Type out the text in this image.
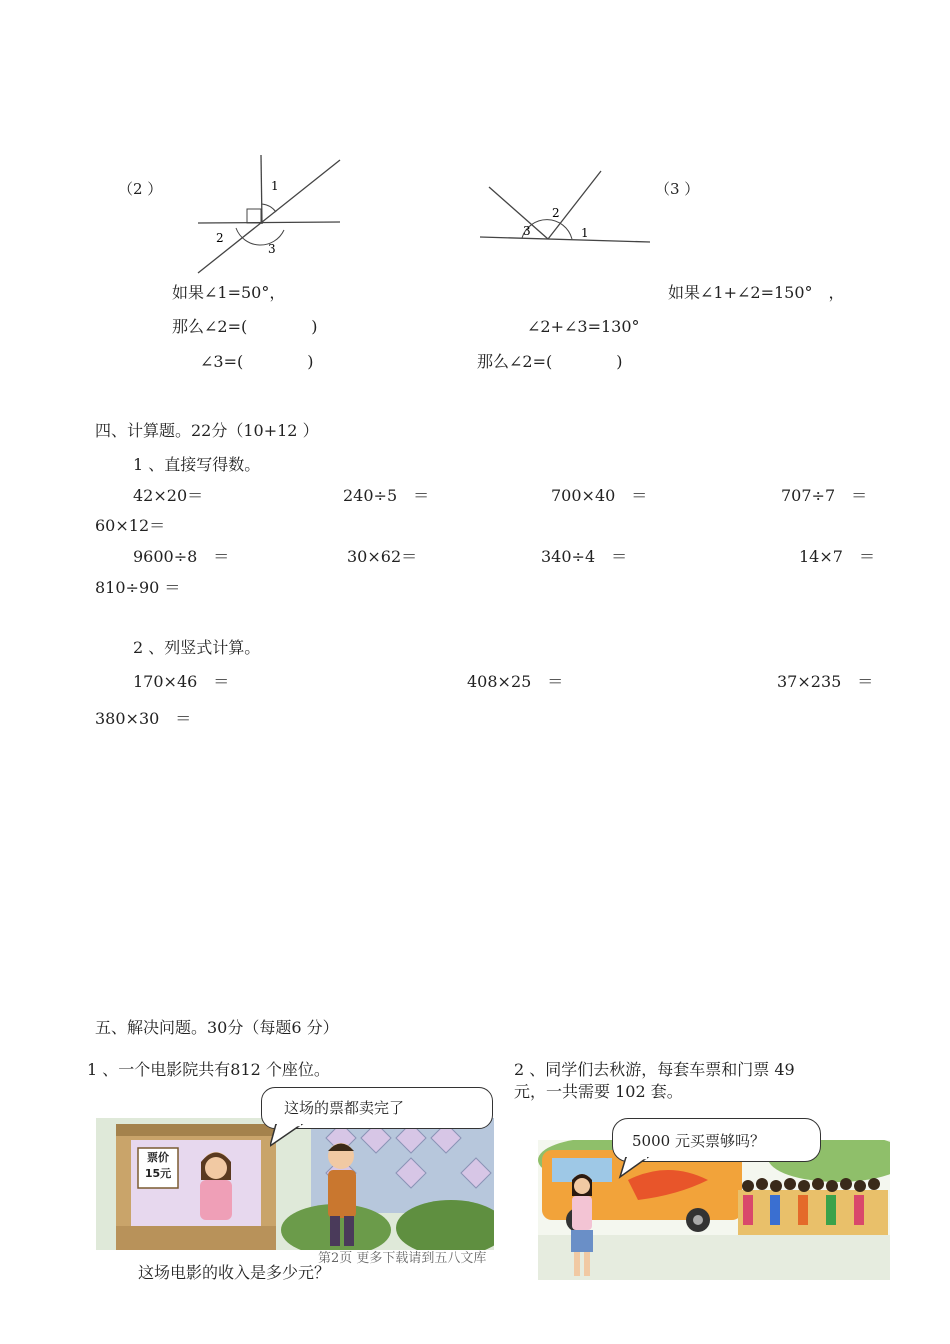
（2 ）	1
2
3
如果∠1=50°，
那么∠2=(　　　　)
∠3=(　　　　)
3
2
1
（3 ）
如果∠1+∠2=150°　，
∠2+∠3=130°
那么∠2=(　　　　)
四、计算题。22分（10+12 ）
1 、直接写得数。
42×20＝	240÷5　＝	700×40　＝	707÷7　＝
60×12＝
9600÷8　＝	30×62＝	340÷4　＝	14×7　＝
810÷90 ＝
2 、列竖式计算。
170×46　＝	408×25　＝	37×235　＝
380×30　＝
五、解决问题。30分（每题6 分）
1 、一个电影院共有812 个座位。	2 、同学们去秋游，每套车票和门票 49
元，一共需要 102 套。
票价
15元
这场的票都卖完了
5000 元买票够吗？
第2页 更多下载请到五八文库
这场电影的收入是多少元？
